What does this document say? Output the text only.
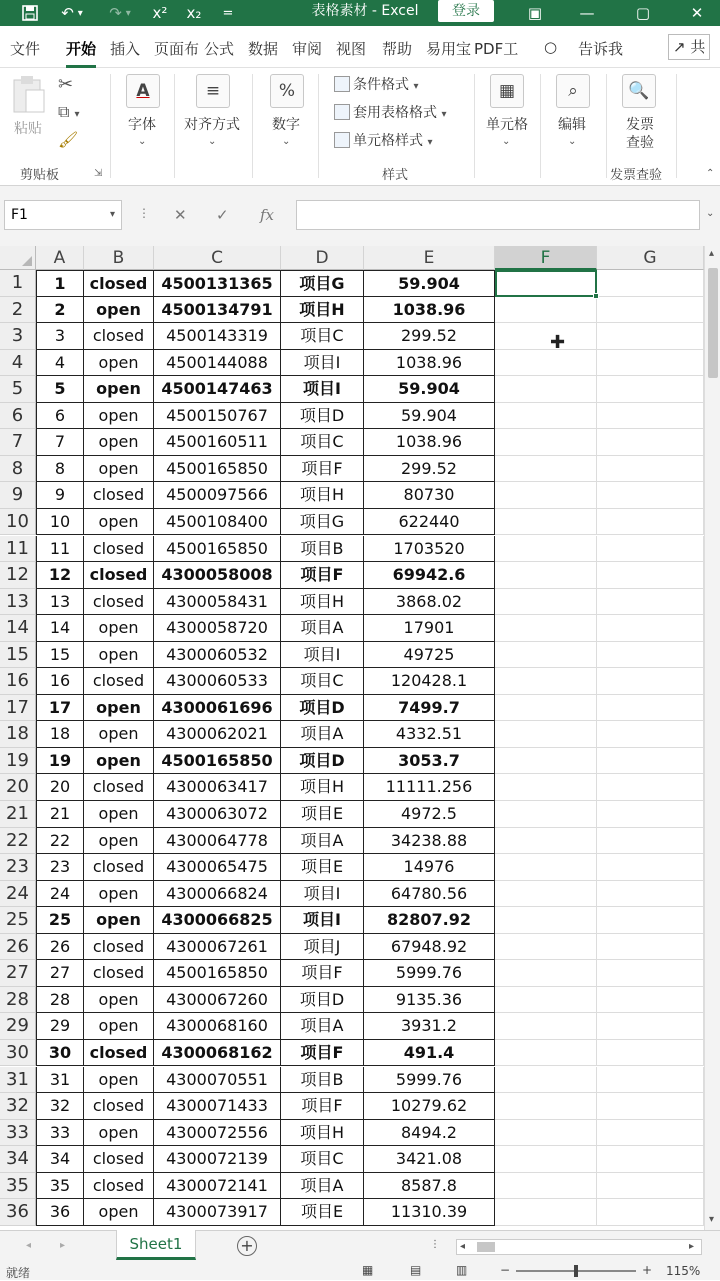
↶ ▾ ↷ ▾	x²	x₂	=	表格素材 - Excel	登录	▣	—	▢	✕
文件 开始 插入 页面布 公式 数据 审阅 视图 帮助 易用宝 PDF工 ○ 告诉我	↗ 共
粘贴
✂
⧉ ▾
🖌
剪贴板	⇲
A
字体
⌄
≡
对齐方式
⌄
%
数字
⌄
条件格式 ▾
套用表格格式 ▾
单元格样式 ▾
样式
▦
单元格
⌄
⌕
编辑
⌄
🔍
发票
查验
发票查验	⌃
F1	▾ ⋮ ✕ ✓ fx	⌄
A	B	C	D	E	F	G
1	1	closed 4500131365	项目G	59.904
2	2	open	4500134791	项目H	1038.96
3	3	closed	4500143319	项目C	299.52
4	4	open	4500144088	项目I	1038.96
5	5	open	4500147463	项目I	59.904
6	6	open	4500150767	项目D	59.904
7	7	open	4500160511	项目C	1038.96
8	8	open	4500165850	项目F	299.52
9	9	closed	4500097566	项目H	80730
10	10	open	4500108400	项目G	622440
11	11	closed	4500165850	项目B	1703520
12	12	closed 4300058008	项目F	69942.6
13	13	closed	4300058431	项目H	3868.02
14	14	open	4300058720	项目A	17901
15	15	open	4300060532	项目I	49725
16	16	closed	4300060533	项目C	120428.1
17	17	open	4300061696	项目D	7499.7
18	18	open	4300062021	项目A	4332.51
19	19	open	4500165850	项目D	3053.7
20	20	closed	4300063417	项目H	11111.256
21	21	open	4300063072	项目E	4972.5
22	22	open	4300064778	项目A	34238.88
23	23	closed	4300065475	项目E	14976
24	24	open	4300066824	项目I	64780.56
25	25	open	4300066825	项目I	82807.92
26	26	closed	4300067261	项目J	67948.92
27	27	closed	4500165850	项目F	5999.76
28	28	open	4300067260	项目D	9135.36
29	29	open	4300068160	项目A	3931.2
30	30	closed 4300068162	项目F	491.4
31	31	open	4300070551	项目B	5999.76
32	32	closed	4300071433	项目F	10279.62
33	33	open	4300072556	项目H	8494.2
34	34	closed	4300072139	项目C	3421.08
35	35	closed	4300072141	项目A	8587.8
36	36	open	4300073917	项目E	11310.39
✚
▴
▾
◂	▸	Sheet1	+	⋮ ◂	▸
就绪	▦	▤	▥	−	+ 115%
